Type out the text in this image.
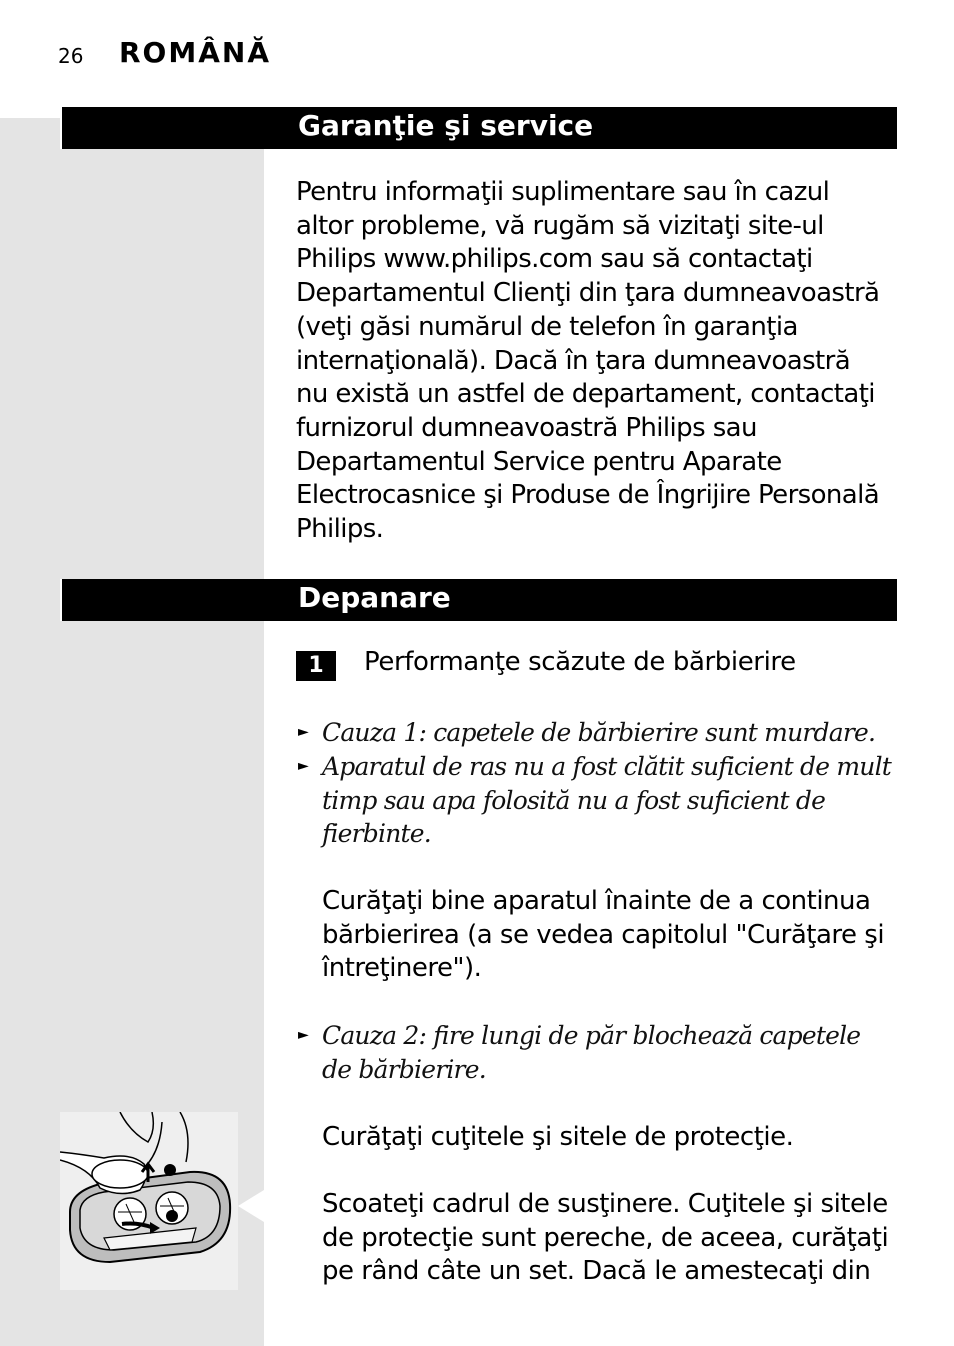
26 ROMÂNĂ
Garanţie şi service
Pentru informaţii suplimentare sau în cazul altor probleme, vă rugăm să vizitaţi site-ul Philips www.philips.com sau să contactaţi Departamentul Clienţi din ţara dumneavoastră (veţi găsi numărul de telefon în garanţia internaţională). Dacă în ţara dumneavoastră nu există un astfel de departament, contactaţi furnizorul dumneavoastră Philips sau Departamentul Service pentru Aparate Electrocasnice şi Produse de Îngrijire Personală Philips.
Depanare
1	Performanţe scăzute de bărbierire
► Cauza 1: capetele de bărbierire sunt murdare.
► Aparatul de ras nu a fost clătit suficient de mult timp sau apa folosită nu a fost suficient de fierbinte.
Curăţaţi bine aparatul înainte de a continua bărbierirea (a se vedea capitolul "Curăţare şi întreţinere").
► Cauza 2: fire lungi de păr blochează capetele de bărbierire.
Curăţaţi cuţitele şi sitele de protecţie.
Scoateţi cadrul de susţinere. Cuţitele şi sitele de protecţie sunt pereche, de aceea, curăţaţi pe rând câte un set. Dacă le amestecaţi din
